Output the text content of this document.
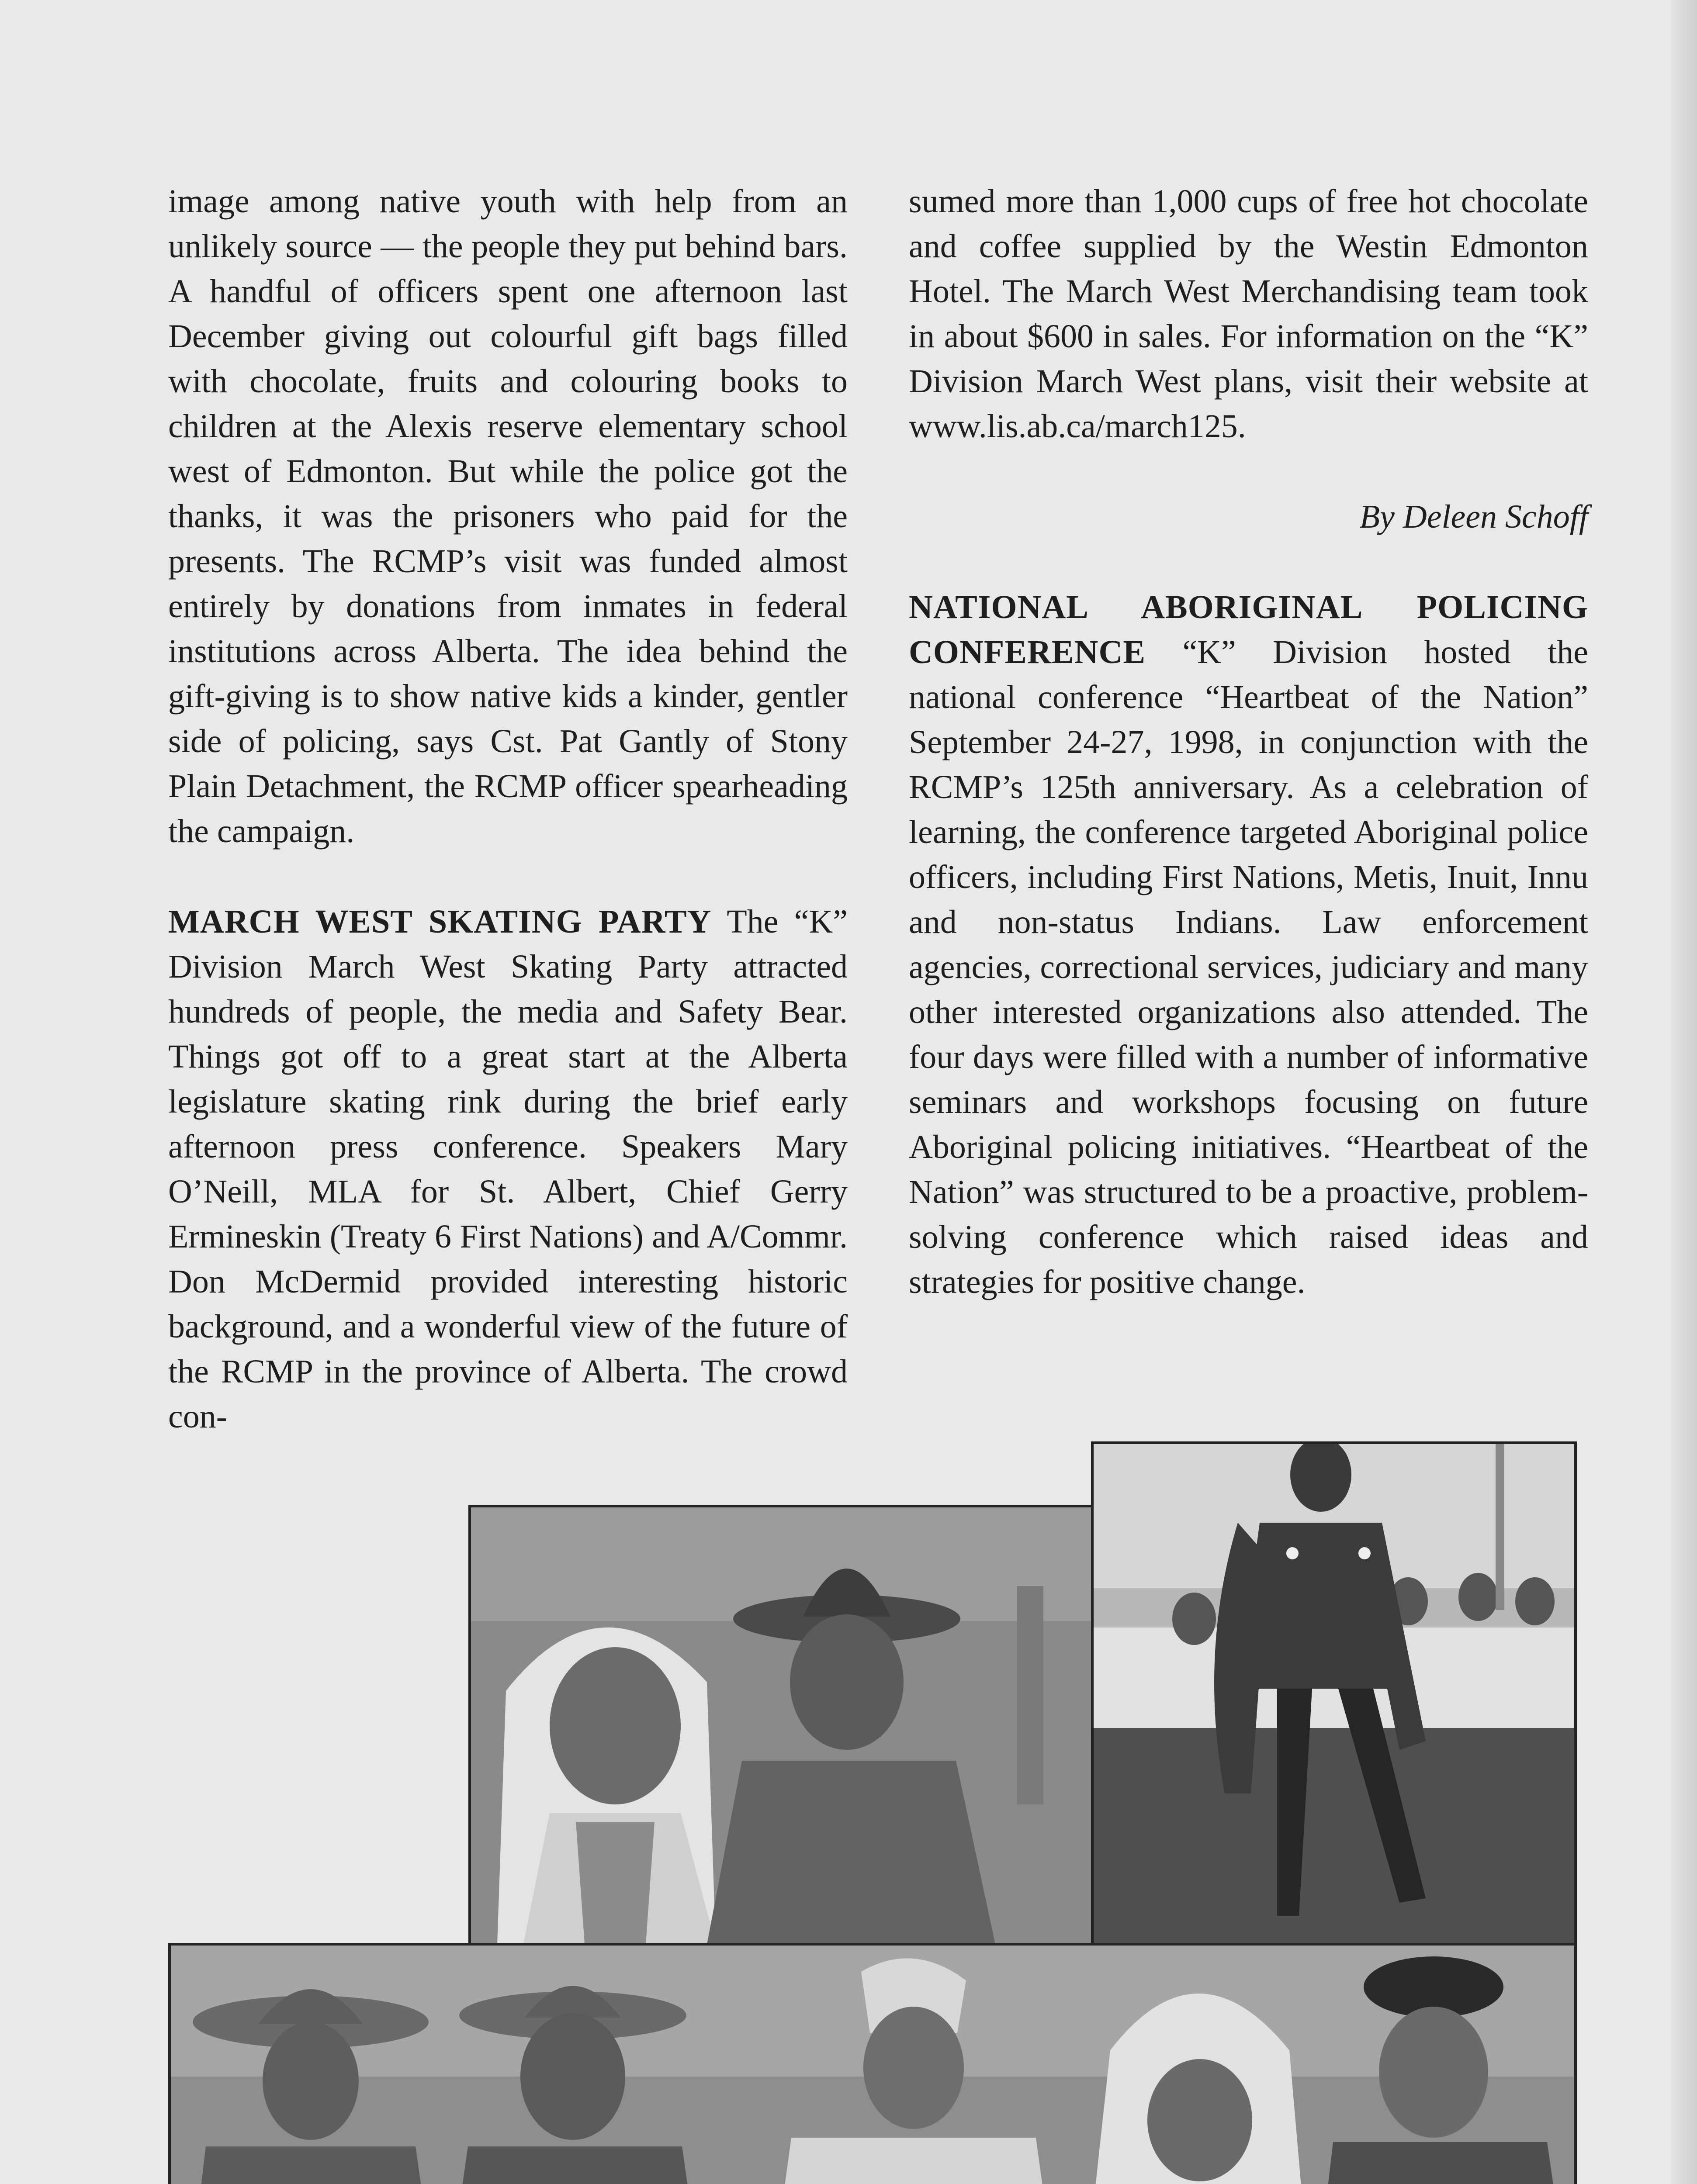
image among native youth with help from an unlikely source — the people they put behind bars. A handful of officers spent one afternoon last December giving out colourful gift bags filled with chocolate, fruits and colouring books to children at the Alexis reserve elementary school west of Edmonton. But while the police got the thanks, it was the prisoners who paid for the presents. The RCMP’s visit was funded almost entirely by donations from inmates in federal institutions across Alberta. The idea behind the gift-giving is to show native kids a kinder, gentler side of policing, says Cst. Pat Gantly of Stony Plain Detachment, the RCMP officer spearheading the campaign.

MARCH WEST SKATING PARTY The “K” Division March West Skating Party attracted hundreds of people, the media and Safety Bear. Things got off to a great start at the Alberta legislature skating rink during the brief early afternoon press conference. Speakers Mary O’Neill, MLA for St. Albert, Chief Gerry Ermineskin (Treaty 6 First Nations) and A/Commr. Don McDermid provided interesting historic background, and a wonderful view of the future of the RCMP in the province of Alberta. The crowd con-

sumed more than 1,000 cups of free hot chocolate and coffee supplied by the Westin Edmonton Hotel. The March West Merchandising team took in about $600 in sales. For information on the “K” Division March West plans, visit their website at www.lis.ab.ca/march125.

By Deleen Schoff

NATIONAL ABORIGINAL POLICING CONFERENCE “K” Division hosted the national conference “Heartbeat of the Nation” September 24-27, 1998, in conjunction with the RCMP’s 125th anniversary. As a celebration of learning, the conference targeted Aboriginal police officers, including First Nations, Metis, Inuit, Innu and non-status Indians. Law enforcement agencies, correctional services, judiciary and many other interested organizations also attended. The four days were filled with a number of informative seminars and workshops focusing on future Aboriginal policing initiatives. “Heartbeat of the Nation” was structured to be a proactive, problem-solving conference which raised ideas and strategies for positive change.
